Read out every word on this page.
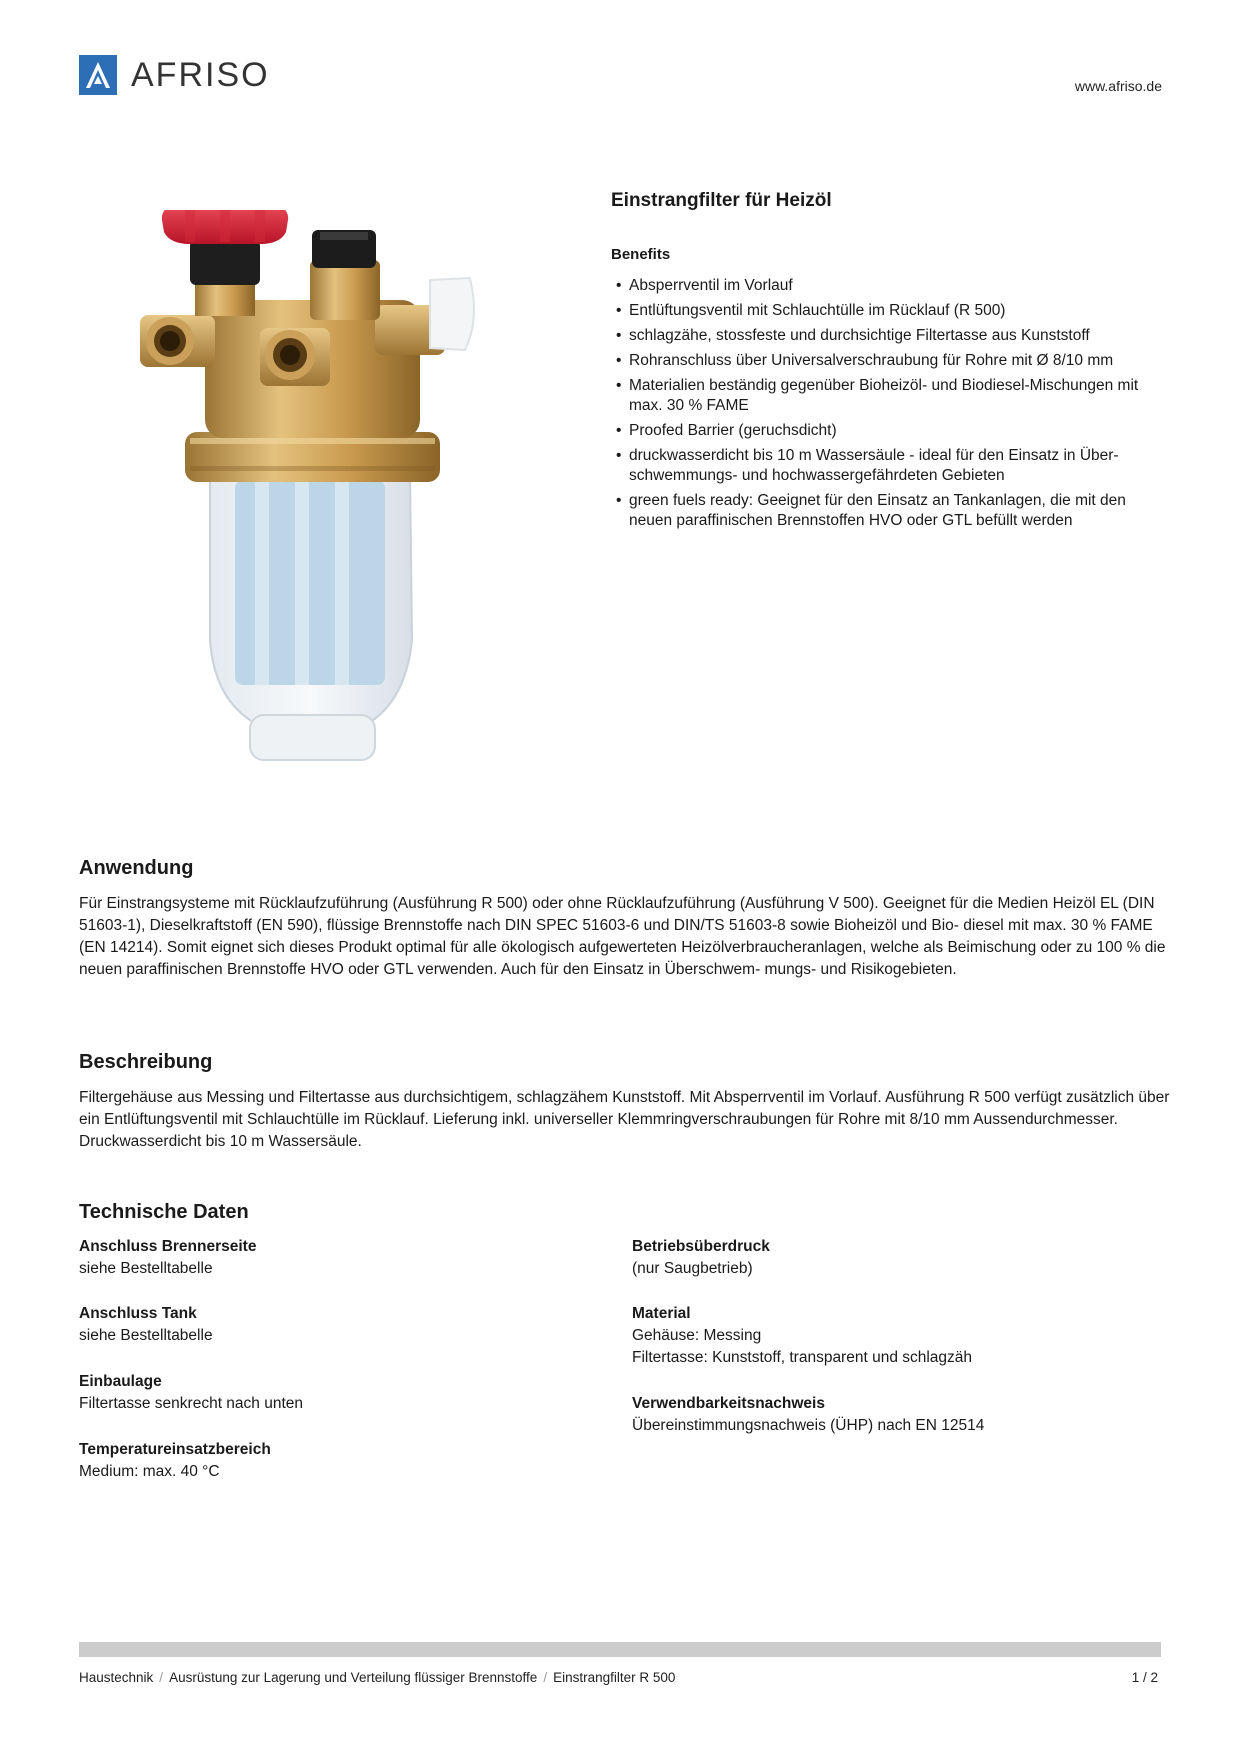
AFRISO	www.afriso.de
Einstrangfilter für Heizöl
Benefits
• Absperrventil im Vorlauf
• Entlüftungsventil mit Schlauchtülle im Rücklauf (R 500)
• schlagzähe, stossfeste und durchsichtige Filtertasse aus Kunststoff
• Rohranschluss über Universalverschraubung für Rohre mit Ø 8/10 mm
• Materialien beständig gegenüber Bioheizöl- und Biodiesel-Mischungen mit max. 30 % FAME
• Proofed Barrier (geruchsdicht)
• druckwasserdicht bis 10 m Wassersäule - ideal für den Einsatz in Über- schwemmungs- und hochwassergefährdeten Gebieten
• green fuels ready: Geeignet für den Einsatz an Tankanlagen, die mit den neuen paraffinischen Brennstoffen HVO oder GTL befüllt werden
Anwendung
Für Einstrangsysteme mit Rücklaufzuführung (Ausführung R 500) oder ohne Rücklaufzuführung (Ausführung V 500). Geeignet für die Medien Heizöl EL (DIN 51603-1), Dieselkraftstoff (EN 590), flüssige Brennstoffe nach DIN SPEC 51603-6 und DIN/TS 51603-8 sowie Bioheizöl und Bio- diesel mit max. 30 % FAME (EN 14214). Somit eignet sich dieses Produkt optimal für alle ökologisch aufgewerteten Heizölverbraucheranlagen, welche als Beimischung oder zu 100 % die neuen paraffinischen Brennstoffe HVO oder GTL verwenden. Auch für den Einsatz in Überschwem- mungs- und Risikogebieten.
Beschreibung
Filtergehäuse aus Messing und Filtertasse aus durchsichtigem, schlagzähem Kunststoff. Mit Absperrventil im Vorlauf. Ausführung R 500 verfügt zusätzlich über ein Entlüftungsventil mit Schlauchtülle im Rücklauf. Lieferung inkl. universeller Klemmringverschraubungen für Rohre mit 8/10 mm Aussendurchmesser. Druckwasserdicht bis 10 m Wassersäule.
Technische Daten
Anschluss Brennerseite
siehe Bestelltabelle
Anschluss Tank
siehe Bestelltabelle
Einbaulage
Filtertasse senkrecht nach unten
Temperatureinsatzbereich
Medium: max. 40 °C
Betriebsüberdruck
(nur Saugbetrieb)
Material
Gehäuse: Messing
Filtertasse: Kunststoff, transparent und schlagzäh
Verwendbarkeitsnachweis
Übereinstimmungsnachweis (ÜHP) nach EN 12514
Haustechnik / Ausrüstung zur Lagerung und Verteilung flüssiger Brennstoffe / Einstrangfilter R 500	1 / 2
